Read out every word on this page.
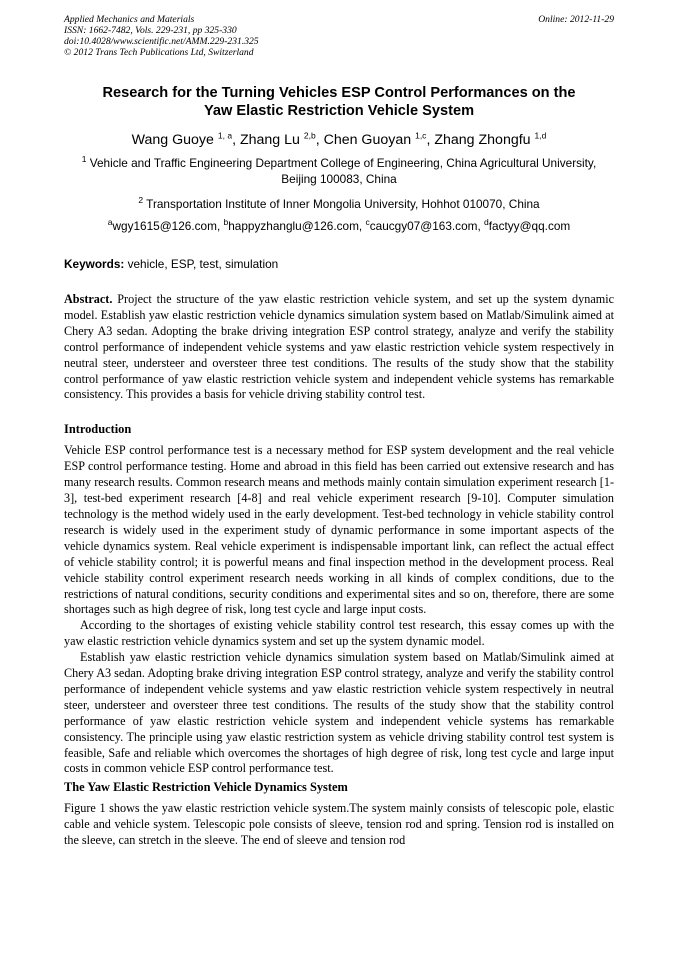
Applied Mechanics and Materials
ISSN: 1662-7482, Vols. 229-231, pp 325-330
doi:10.4028/www.scientific.net/AMM.229-231.325
© 2012 Trans Tech Publications Ltd, Switzerland
Online: 2012-11-29
Research for the Turning Vehicles ESP Control Performances on the
Yaw Elastic Restriction Vehicle System
Wang Guoye $^{1, a}$, Zhang Lu $^{2,b}$, Chen Guoyan $^{1,c}$, Zhang Zhongfu $^{1,d}$
$^1$ Vehicle and Traffic Engineering Department College of Engineering, China Agricultural University, Beijing 100083, China
$^2$ Transportation Institute of Inner Mongolia University, Hohhot 010070, China
$^a$wgy1615@126.com, $^b$happyzhanglu@126.com, $^c$caucgy07@163.com, $^d$factyy@qq.com
Keywords: vehicle, ESP, test, simulation
Abstract. Project the structure of the yaw elastic restriction vehicle system, and set up the system dynamic model. Establish yaw elastic restriction vehicle dynamics simulation system based on Matlab/Simulink aimed at Chery A3 sedan. Adopting the brake driving integration ESP control strategy, analyze and verify the stability control performance of independent vehicle systems and yaw elastic restriction vehicle system respectively in neutral steer, understeer and oversteer three test conditions. The results of the study show that the stability control performance of yaw elastic restriction vehicle system and independent vehicle systems has remarkable consistency. This provides a basis for vehicle driving stability control test.
Introduction
Vehicle ESP control performance test is a necessary method for ESP system development and the real vehicle ESP control performance testing. Home and abroad in this field has been carried out extensive research and has many research results. Common research means and methods mainly contain simulation experiment research [1-3], test-bed experiment research [4-8] and real vehicle experiment research [9-10]. Computer simulation technology is the method widely used in the early development. Test-bed technology in vehicle stability control research is widely used in the experiment study of dynamic performance in some important aspects of the vehicle dynamics system. Real vehicle experiment is indispensable important link, can reflect the actual effect of vehicle stability control; it is powerful means and final inspection method in the development process. Real vehicle stability control experiment research needs working in all kinds of complex conditions, due to the restrictions of natural conditions, security conditions and experimental sites and so on, therefore, there are some shortages such as high degree of risk, long test cycle and large input costs.
According to the shortages of existing vehicle stability control test research, this essay comes up with the yaw elastic restriction vehicle dynamics system and set up the system dynamic model.
Establish yaw elastic restriction vehicle dynamics simulation system based on Matlab/Simulink aimed at Chery A3 sedan. Adopting brake driving integration ESP control strategy, analyze and verify the stability control performance of independent vehicle systems and yaw elastic restriction vehicle system respectively in neutral steer, understeer and oversteer three test conditions. The results of the study show that the stability control performance of yaw elastic restriction vehicle system and independent vehicle systems has remarkable consistency. The principle using yaw elastic restriction system as vehicle driving stability control test system is feasible, Safe and reliable which overcomes the shortages of high degree of risk, long test cycle and large input costs in common vehicle ESP control performance test.
The Yaw Elastic Restriction Vehicle Dynamics System
Figure 1 shows the yaw elastic restriction vehicle system.The system mainly consists of telescopic pole, elastic cable and vehicle system. Telescopic pole consists of sleeve, tension rod and spring. Tension rod is installed on the sleeve, can stretch in the sleeve. The end of sleeve and tension rod
